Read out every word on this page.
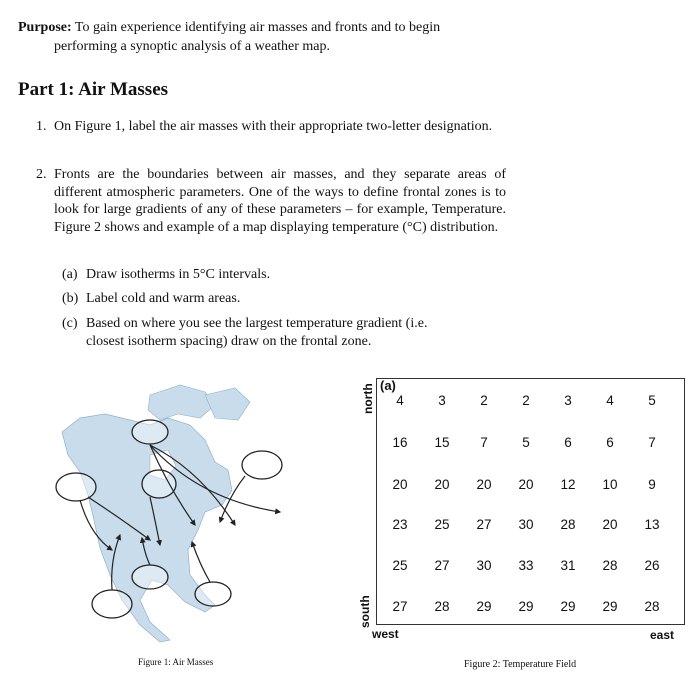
Purpose: To gain experience identifying air masses and fronts and to begin
performing a synoptic analysis of a weather map.
Part 1: Air Masses
1. On Figure 1, label the air masses with their appropriate two-letter designation.
2. Fronts are the boundaries between air masses, and they separate areas of different atmospheric parameters. One of the ways to define frontal zones is to look for large gradients of any of these parameters – for example, Temperature. Figure 2 shows and example of a map displaying temperature (°C) distribution.
(a) Draw isotherms in 5°C intervals.
(b) Label cold and warm areas.
(c) Based on where you see the largest temperature gradient (i.e.
closest isotherm spacing) draw on the frontal zone.
Figure 1: Air Masses
(a)
4	3	2	2	3	4	5
16	15	7	5	6	6	7
20	20	20	20	12	10	9
23	25	27	30	28	20	13
25	27	30	33	31	28	26
27	28	29	29	29	29	28
north
south
west	east
Figure 2: Temperature Field
